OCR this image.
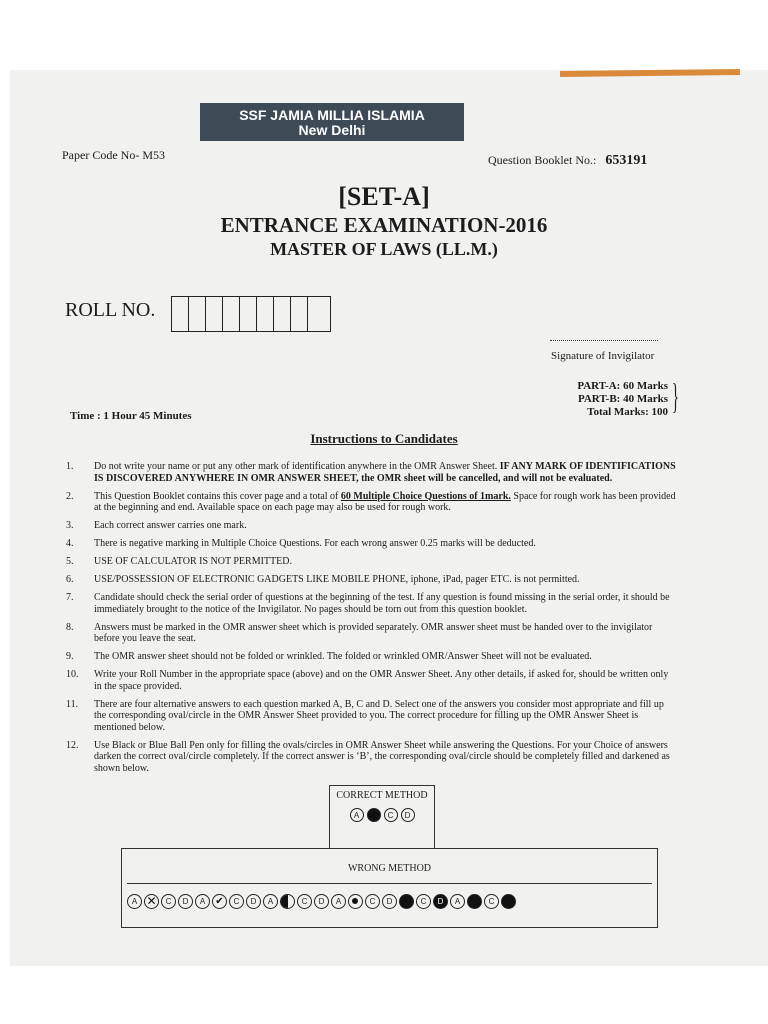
SSF JAMIA MILLIA ISLAMIA
New Delhi
Paper Code No- M53	Question Booklet No.: 653191
[SET-A]
ENTRANCE EXAMINATION-2016
MASTER OF LAWS (LL.M.)
ROLL NO.
Signature of Invigilator
PART-A: 60 Marks
PART-B: 40 Marks
Total Marks: 100 }
Time : 1 Hour 45 Minutes
Instructions to Candidates
1.	Do not write your name or put any other mark of identification anywhere in the OMR Answer Sheet. IF ANY MARK OF IDENTIFICATIONS IS DISCOVERED ANYWHERE IN OMR ANSWER SHEET, the OMR sheet will be cancelled, and will not be evaluated.
2.	This Question Booklet contains this cover page and a total of 60 Multiple Choice Questions of 1mark. Space for rough work has been provided at the beginning and end. Available space on each page may also be used for rough work.
3.	Each correct answer carries one mark.
4.	There is negative marking in Multiple Choice Questions. For each wrong answer 0.25 marks will be deducted.
5.	USE OF CALCULATOR IS NOT PERMITTED.
6.	USE/POSSESSION OF ELECTRONIC GADGETS LIKE MOBILE PHONE, iphone, iPad, pager ETC. is not permitted.
7.	Candidate should check the serial order of questions at the beginning of the test. If any question is found missing in the serial order, it should be immediately brought to the notice of the Invigilator. No pages should be torn out from this question booklet.
8.	Answers must be marked in the OMR answer sheet which is provided separately. OMR answer sheet must be handed over to the invigilator before you leave the seat.
9.	The OMR answer sheet should not be folded or wrinkled. The folded or wrinkled OMR/Answer Sheet will not be evaluated.
10.	Write your Roll Number in the appropriate space (above) and on the OMR Answer Sheet. Any other details, if asked for, should be written only in the space provided.
11.	There are four alternative answers to each question marked A, B, C and D. Select one of the answers you consider most appropriate and fill up the corresponding oval/circle in the OMR Answer Sheet provided to you. The correct procedure for filling up the OMR Answer Sheet is mentioned below.
12.	Use Black or Blue Ball Pen only for filling the ovals/circles in OMR Answer Sheet while answering the Questions. For your Choice of answers darken the correct oval/circle completely. If the correct answer is ‘B’, the corresponding oval/circle should be completely filled and darkened as shown below.
CORRECT METHOD
A	C	D
WRONG METHOD
A ✕	C	D	A ✔	C	D	A	C	D	A	C	D	C	D	A	C
